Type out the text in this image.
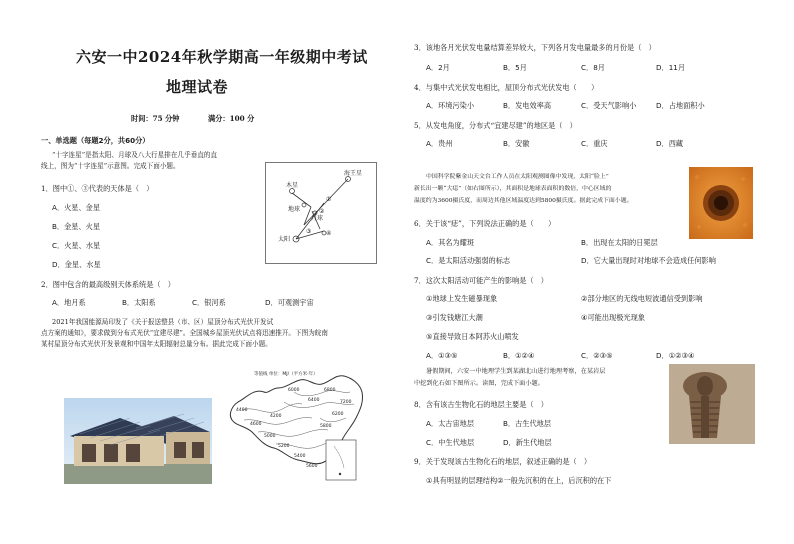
六安一中2024年秋学期高一年级期中考试
地理试卷
时间：75 分钟	满分：100 分
一、单选题（每题2分，共60分）
“十字连星”是指太阳、月球及八大行星排在几乎垂直的直
线上，图为“十字连星”示意图。完成下面小题。
1．图中①、③代表的天体是（　）
A．火星、金星
B．金星、火星
C．火星、水星
D．金星、水星
木星
海王星
地球
月球
太阳
①
②
③ ④
2．图中包含的最高级别天体系统是（　）
A．地月系	B．太阳系	C．银河系	D．可观测宇宙
2021年我国能源局印发了《关于报送整县（市、区）屋顶分布式光伏开发试
点方案的通知》，要求做到分布式光伏“宜建尽建”。全国城乡屋顶光伏试点将迅速推开。下图为皖南
某村屋顶分布式光伏开发景观和中国年太阳辐射总量分布。据此完成下面小题。
等值线 单位：MJ/（平方米·年）
4400
4600
5000
5200
5400
5600
6000
6400
6800
7200
4200
5800
6200
3．该地各月光伏发电量结算差异较大，下列各月发电量最多的月份是（　）
A．2月	B．5月	C．8月	D．11月
4．与集中式光伏发电相比，屋顶分布式光伏发电（　　）
A．环境污染小	B．发电效率高	C．受天气影响小	D．占地面积小
5．从发电角度，分布式“宜建尽建”的地区是（　）
A．贵州	B．安徽	C．重庆	D．西藏
中国科学院紫金山天文台工作人员在太阳观测图像中发现，太阳“脸上”
新长出一颗“大痣”（如右图所示），其面积是地球表面积的数倍，中心区域的
温度约为3600摄氏度，而周边其他区域温度达到5800摄氏度。据此完成下面小题。
6．关于该“痣”，下列说法正确的是（　　）
A．其名为耀斑	B．出现在太阳的日冕层
C．是太阳活动强弱的标志	D．它大量出现时对地球不会造成任何影响
7．这次太阳活动可能产生的影响是（　）
①地球上发生磁暴现象	②部分地区的无线电短波通信受到影响
③引发钱塘江大潮	④可能出现极光现象
⑤直接导致日本阿苏火山喷发
A．①③⑤	B．①②④	C．②③⑤	D．①②③④
暑假期间，六安一中地理学生到某湖北山进行地理考察，在某岩层
中挖到化石如下图所示。读图，完成下面小题。
8．含有该古生物化石的地层主要是（　）
A．太古宙地层	B．古生代地层
C．中生代地层	D．新生代地层
9．关于发现该古生物化石的地层，叙述正确的是（　）
①具有明显的层理结构②一般先沉积的在上，后沉积的在下
